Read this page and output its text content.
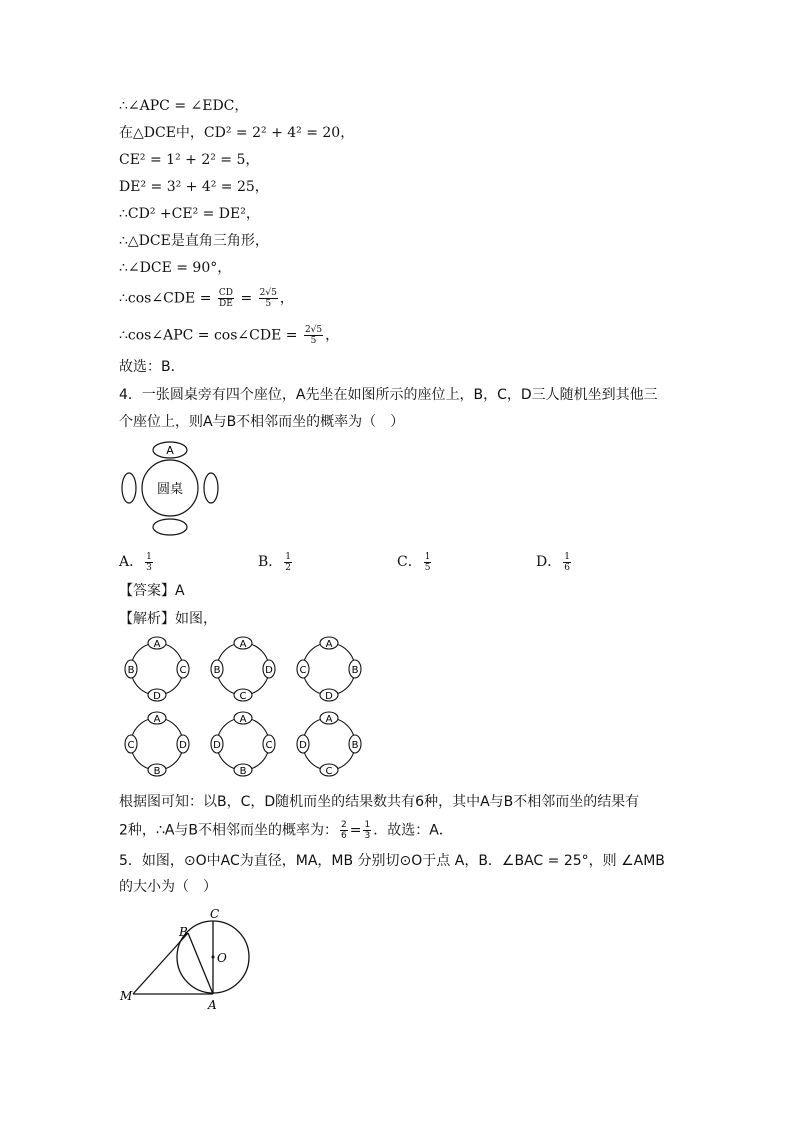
∴∠APC = ∠EDC，
在△DCE中，CD² = 2² + 4² = 20，
CE² = 1² + 2² = 5，
DE² = 3² + 4² = 25，
∴CD² +CE² = DE²，
∴△DCE是直角三角形，
∴∠DCE = 90°，
∴cos∠CDE = $\frac{CD}{DE} = \frac{2√5}{5}$ ，
∴cos∠APC = cos∠CDE = $\frac{2√5}{5}$ ，
故选：B．
4．一张圆桌旁有四个座位，A先坐在如图所示的座位上，B，C，D三人随机坐到其他三
个座位上，则A与B不相邻而坐的概率为（　）
A
圆桌
A． $\frac{1}{3}$	B． $\frac{1}{2}$	C． $\frac{1}{5}$	D． $\frac{1}{6}$
【答案】A
【解析】如图，
A
B	C
D
A
B	D
C
A
C	B
D
A
C	D
B
A
D	C
B
A
D	B
C
根据图可知：以B，C，D随机而坐的结果数共有6种，其中A与B不相邻而坐的结果有
2种，∴A与B不相邻而坐的概率为： $\frac{2}{6} = \frac{1}{3}$ ．故选：A．
5．如图，⊙O中AC为直径，MA，MB 分别切⊙O于点 A，B．∠BAC = 25°，则 ∠AMB
的大小为（　）
C
B
O
M
A
